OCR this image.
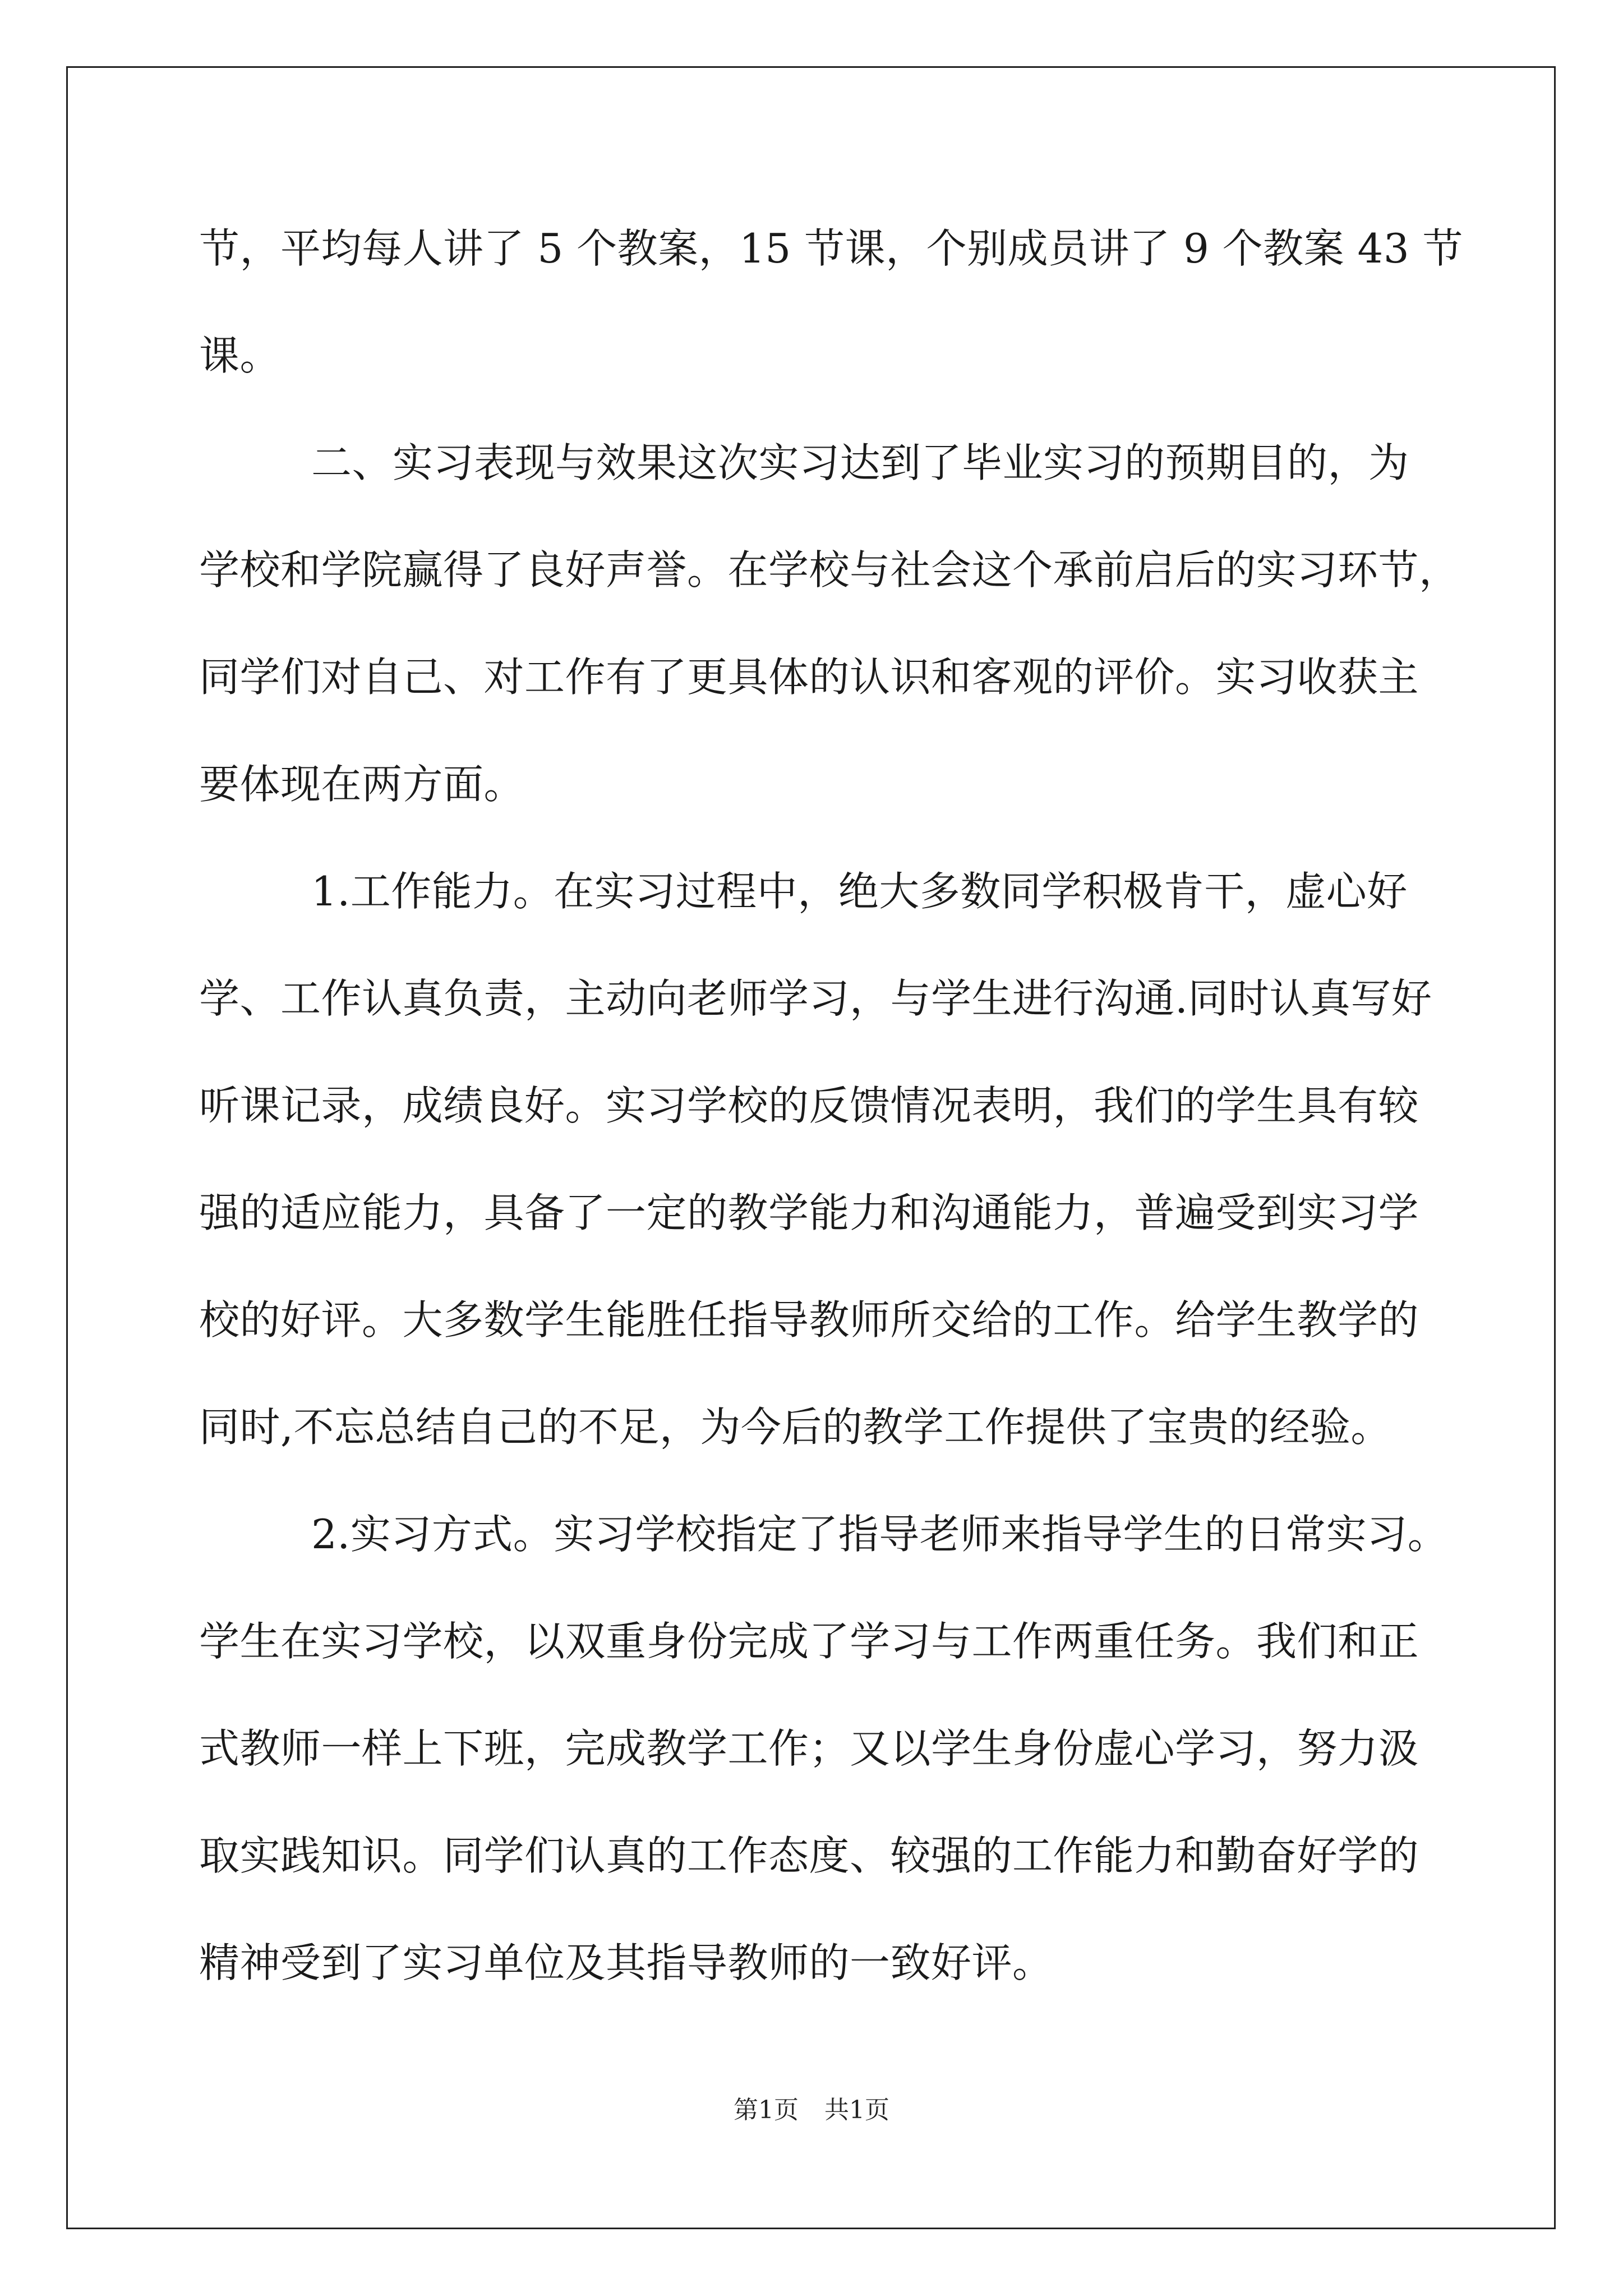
节，平均每人讲了 5 个教案，15 节课，个别成员讲了 9 个教案 43 节
课。
二、实习表现与效果这次实习达到了毕业实习的预期目的，为
学校和学院赢得了良好声誉。在学校与社会这个承前启后的实习环节，
同学们对自己、对工作有了更具体的认识和客观的评价。实习收获主
要体现在两方面。
1.工作能力。在实习过程中，绝大多数同学积极肯干，虚心好
学、工作认真负责，主动向老师学习，与学生进行沟通.同时认真写好
听课记录，成绩良好。实习学校的反馈情况表明，我们的学生具有较
强的适应能力，具备了一定的教学能力和沟通能力，普遍受到实习学
校的好评。大多数学生能胜任指导教师所交给的工作。给学生教学的
同时,不忘总结自己的不足，为今后的教学工作提供了宝贵的经验。
2.实习方式。实习学校指定了指导老师来指导学生的日常实习。
学生在实习学校，以双重身份完成了学习与工作两重任务。我们和正
式教师一样上下班，完成教学工作；又以学生身份虚心学习，努力汲
取实践知识。同学们认真的工作态度、较强的工作能力和勤奋好学的
精神受到了实习单位及其指导教师的一致好评。
第1页 共1页
